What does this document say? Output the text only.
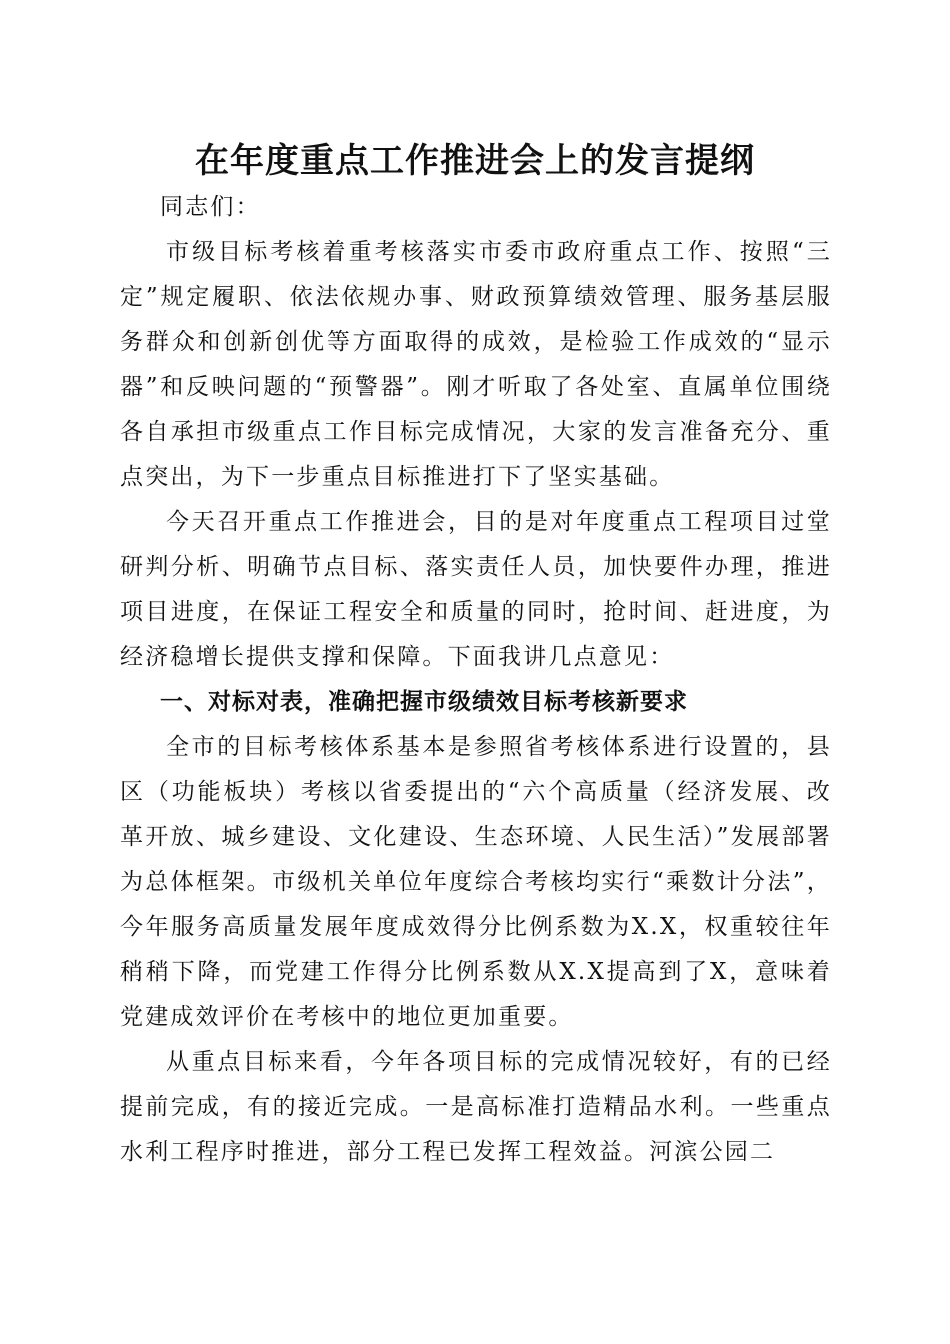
在年度重点工作推进会上的发言提纲

同志们：

市级目标考核着重考核落实市委市政府重点工作、按照“三定”规定履职、依法依规办事、财政预算绩效管理、服务基层服务群众和创新创优等方面取得的成效，是检验工作成效的“显示器”和反映问题的“预警器”。刚才听取了各处室、直属单位围绕各自承担市级重点工作目标完成情况，大家的发言准备充分、重点突出，为下一步重点目标推进打下了坚实基础。

今天召开重点工作推进会，目的是对年度重点工程项目过堂研判分析、明确节点目标、落实责任人员，加快要件办理，推进项目进度，在保证工程安全和质量的同时，抢时间、赶进度，为经济稳增长提供支撑和保障。下面我讲几点意见：

一、对标对表，准确把握市级绩效目标考核新要求

全市的目标考核体系基本是参照省考核体系进行设置的，县区（功能板块）考核以省委提出的“六个高质量（经济发展、改革开放、城乡建设、文化建设、生态环境、人民生活）”发展部署为总体框架。市级机关单位年度综合考核均实行“乘数计分法”，今年服务高质量发展年度成效得分比例系数为X.X，权重较往年稍稍下降，而党建工作得分比例系数从X.X提高到了X，意味着党建成效评价在考核中的地位更加重要。

从重点目标来看，今年各项目标的完成情况较好，有的已经提前完成，有的接近完成。一是高标准打造精品水利。一些重点水利工程序时推进，部分工程已发挥工程效益。河滨公园二
